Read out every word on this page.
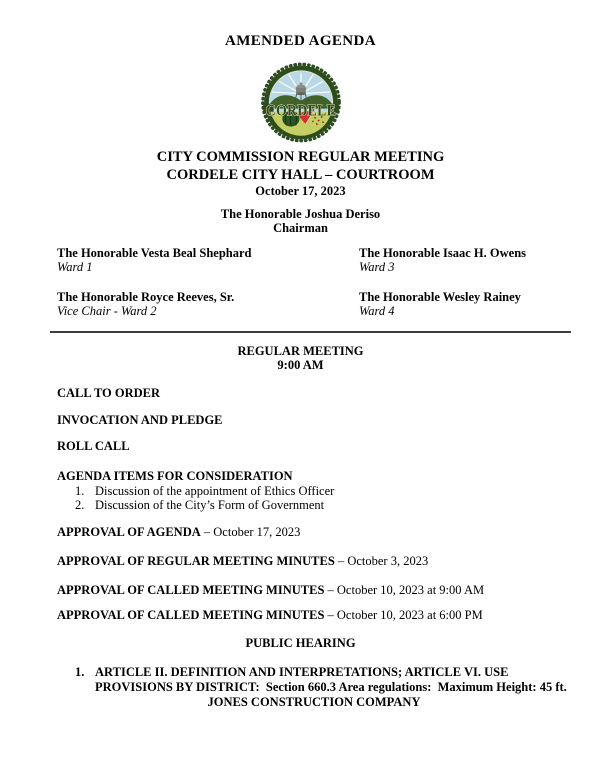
AMENDED AGENDA
CORDELE
CITY COMMISSION REGULAR MEETING
CORDELE CITY HALL – COURTROOM
October 17, 2023
The Honorable Joshua Deriso
Chairman
The Honorable Vesta Beal Shephard
Ward 1
The Honorable Isaac H. Owens
Ward 3
The Honorable Royce Reeves, Sr.
Vice Chair - Ward 2
The Honorable Wesley Rainey
Ward 4
REGULAR MEETING
9:00 AM
CALL TO ORDER
INVOCATION AND PLEDGE
ROLL CALL
AGENDA ITEMS FOR CONSIDERATION
1. Discussion of the appointment of Ethics Officer
2. Discussion of the City’s Form of Government
APPROVAL OF AGENDA – October 17, 2023
APPROVAL OF REGULAR MEETING MINUTES – October 3, 2023
APPROVAL OF CALLED MEETING MINUTES – October 10, 2023 at 9:00 AM
APPROVAL OF CALLED MEETING MINUTES – October 10, 2023 at 6:00 PM
PUBLIC HEARING
1. ARTICLE II. DEFINITION AND INTERPRETATIONS; ARTICLE VI. USE PROVISIONS BY DISTRICT:  Section 660.3 Area regulations:  Maximum Height: 45 ft.
JONES CONSTRUCTION COMPANY
